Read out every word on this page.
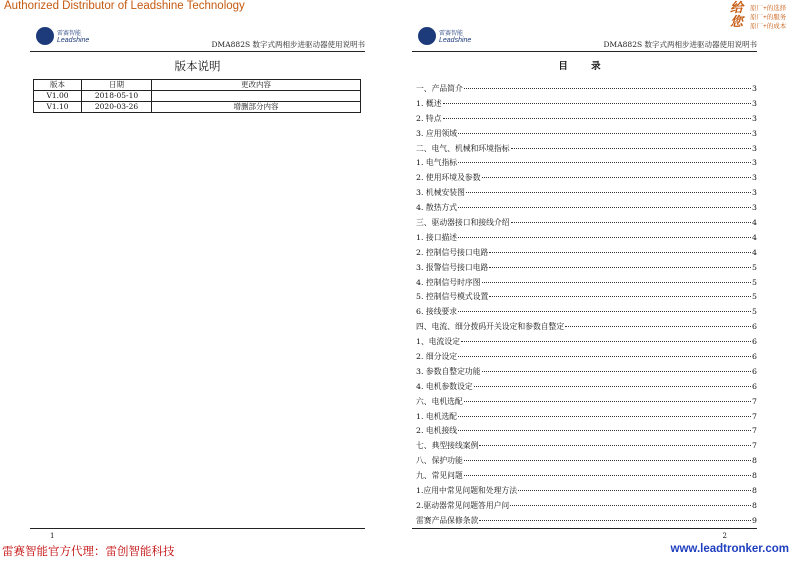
Authorized Distributor of Leadshine Technology	给
您
原厂+的选择
原厂+的服务
原厂+的成本
雷赛智能
Leadshine	DMA882S 数字式两相步进驱动器使用说明书
版本说明
版本	日期	更改内容
V1.00	2018-05-10	
V1.10	2020-03-26	增删部分内容
1
雷赛智能
Leadshine	DMA882S 数字式两相步进驱动器使用说明书
目 录
一、产品简介	3
1. 概述	3
2. 特点	3
3. 应用领域	3
二、电气、机械和环境指标	3
1. 电气指标	3
2. 使用环境及参数	3
3. 机械安装图	3
4. 散热方式	3
三、驱动器接口和接线介绍	4
1. 接口描述	4
2. 控制信号接口电路	4
3. 报警信号接口电路	5
4. 控制信号时序图	5
5. 控制信号模式设置	5
6. 接线要求	5
四、电流、细分拨码开关设定和参数自整定	6
1、电流设定	6
2. 细分设定	6
3. 参数自整定功能	6
4. 电机参数设定	6
六、电机选配	7
1. 电机选配	7
2. 电机接线	7
七、典型接线案例	7
八、保护功能	8
九、常见问题	8
1.应用中常见问题和处理方法	8
2.驱动器常见问题答用户问	8
雷赛产品保修条款	9
2
雷赛智能官方代理：雷创智能科技	www.leadtronker.com
